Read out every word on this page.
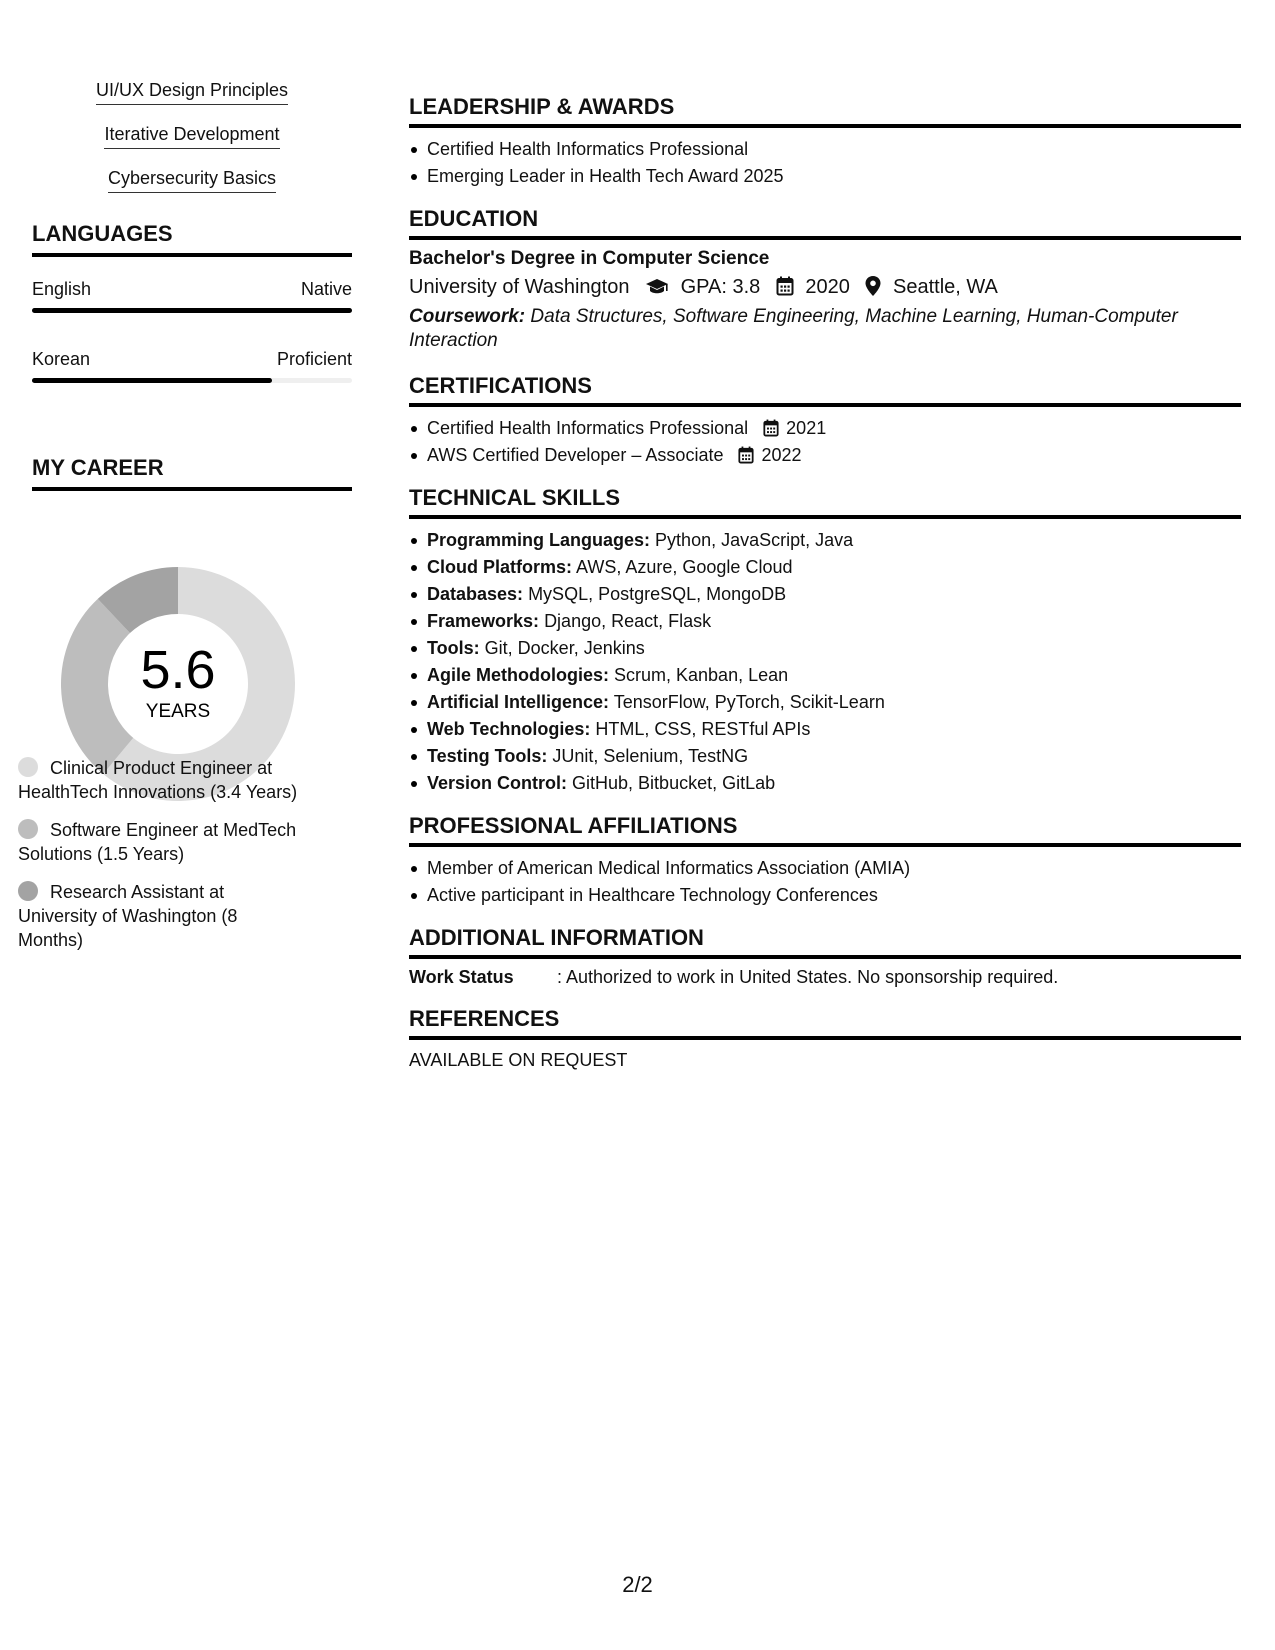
UI/UX Design Principles
Iterative Development
Cybersecurity Basics
LANGUAGES
English	Native
Korean	Proficient
MY CAREER
5.6
YEARS
Clinical Product Engineer at HealthTech Innovations (3.4 Years)
Software Engineer at MedTech Solutions (1.5 Years)
Research Assistant at University of Washington (8 Months)
LEADERSHIP & AWARDS
Certified Health Informatics Professional
Emerging Leader in Health Tech Award 2025
EDUCATION
Bachelor's Degree in Computer Science
University of Washington	GPA: 3.8 2020 Seattle, WA
Coursework: Data Structures, Software Engineering, Machine Learning, Human-Computer Interaction
CERTIFICATIONS
Certified Health Informatics Professional 2021
AWS Certified Developer – Associate 2022
TECHNICAL SKILLS
Programming Languages: Python, JavaScript, Java
Cloud Platforms: AWS, Azure, Google Cloud
Databases: MySQL, PostgreSQL, MongoDB
Frameworks: Django, React, Flask
Tools: Git, Docker, Jenkins
Agile Methodologies: Scrum, Kanban, Lean
Artificial Intelligence: TensorFlow, PyTorch, Scikit-Learn
Web Technologies: HTML, CSS, RESTful APIs
Testing Tools: JUnit, Selenium, TestNG
Version Control: GitHub, Bitbucket, GitLab
PROFESSIONAL AFFILIATIONS
Member of American Medical Informatics Association (AMIA)
Active participant in Healthcare Technology Conferences
ADDITIONAL INFORMATION
Work Status	: Authorized to work in United States. No sponsorship required.
REFERENCES
AVAILABLE ON REQUEST
2/2
